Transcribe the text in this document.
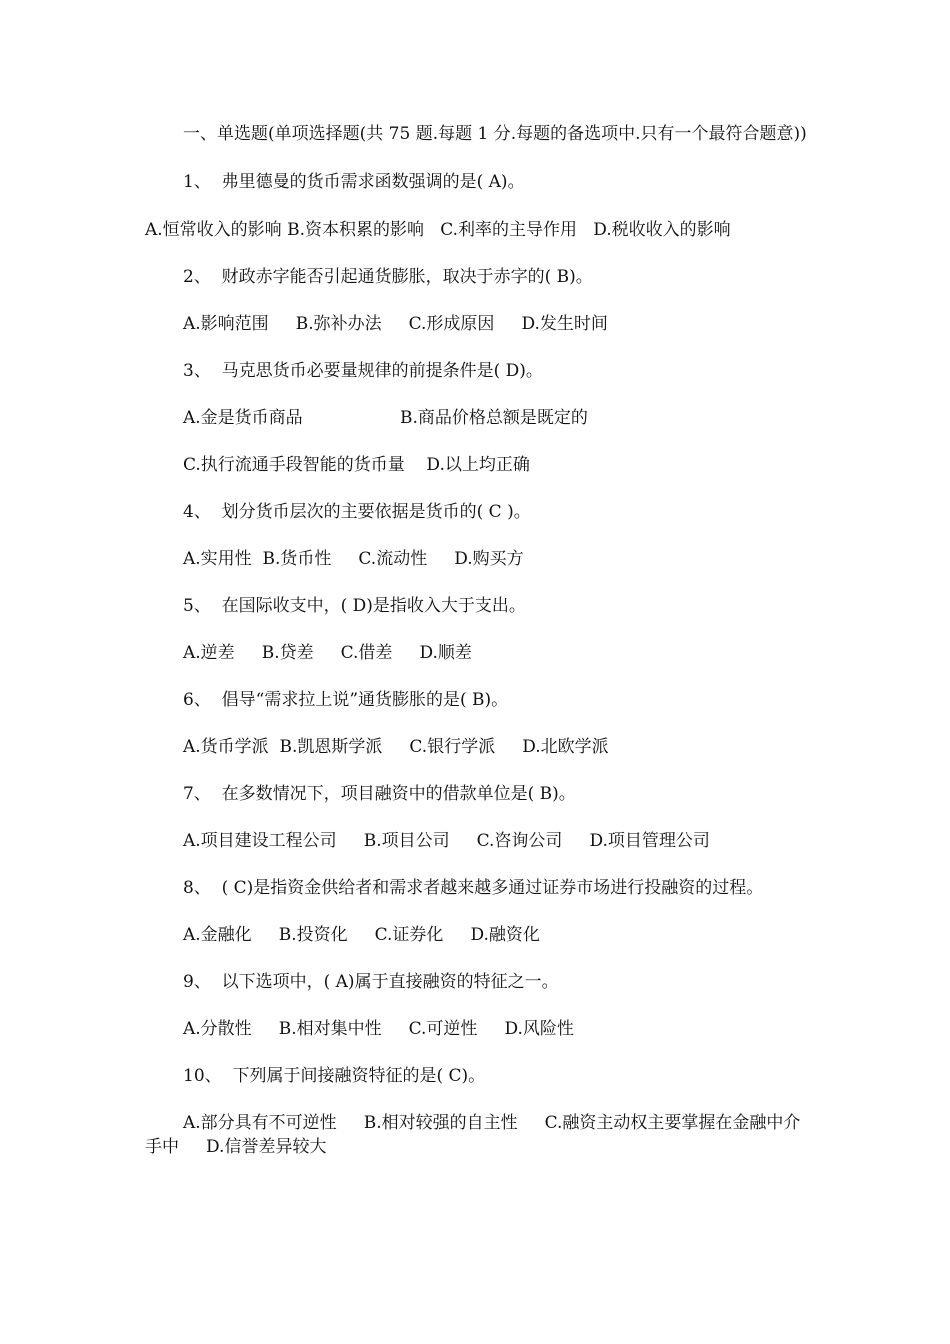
一、单选题(单项选择题(共 75 题.每题 1 分.每题的备选项中.只有一个最符合题意))

1、  弗里德曼的货币需求函数强调的是( A)。

A.恒常收入的影响 B.资本积累的影响   C.利率的主导作用   D.税收收入的影响

2、  财政赤字能否引起通货膨胀，取决于赤字的( B)。

A.影响范围     B.弥补办法     C.形成原因     D.发生时间

3、  马克思货币必要量规律的前提条件是( D)。

A.金是货币商品                  B.商品价格总额是既定的

C.执行流通手段智能的货币量    D.以上均正确

4、  划分货币层次的主要依据是货币的( C )。

A.实用性  B.货币性     C.流动性     D.购买方

5、  在国际收支中，( D)是指收入大于支出。

A.逆差     B.贷差     C.借差     D.顺差

6、  倡导“需求拉上说”通货膨胀的是( B)。

A.货币学派  B.凯恩斯学派     C.银行学派     D.北欧学派

7、  在多数情况下，项目融资中的借款单位是( B)。

A.项目建设工程公司     B.项目公司     C.咨询公司     D.项目管理公司

8、  ( C)是指资金供给者和需求者越来越多通过证券市场进行投融资的过程。

A.金融化     B.投资化     C.证券化     D.融资化

9、  以下选项中，( A)属于直接融资的特征之一。

A.分散性     B.相对集中性     C.可逆性     D.风险性

10、  下列属于间接融资特征的是( C)。

A.部分具有不可逆性     B.相对较强的自主性     C.融资主动权主要掌握在金融中介手中     D.信誉差异较大
